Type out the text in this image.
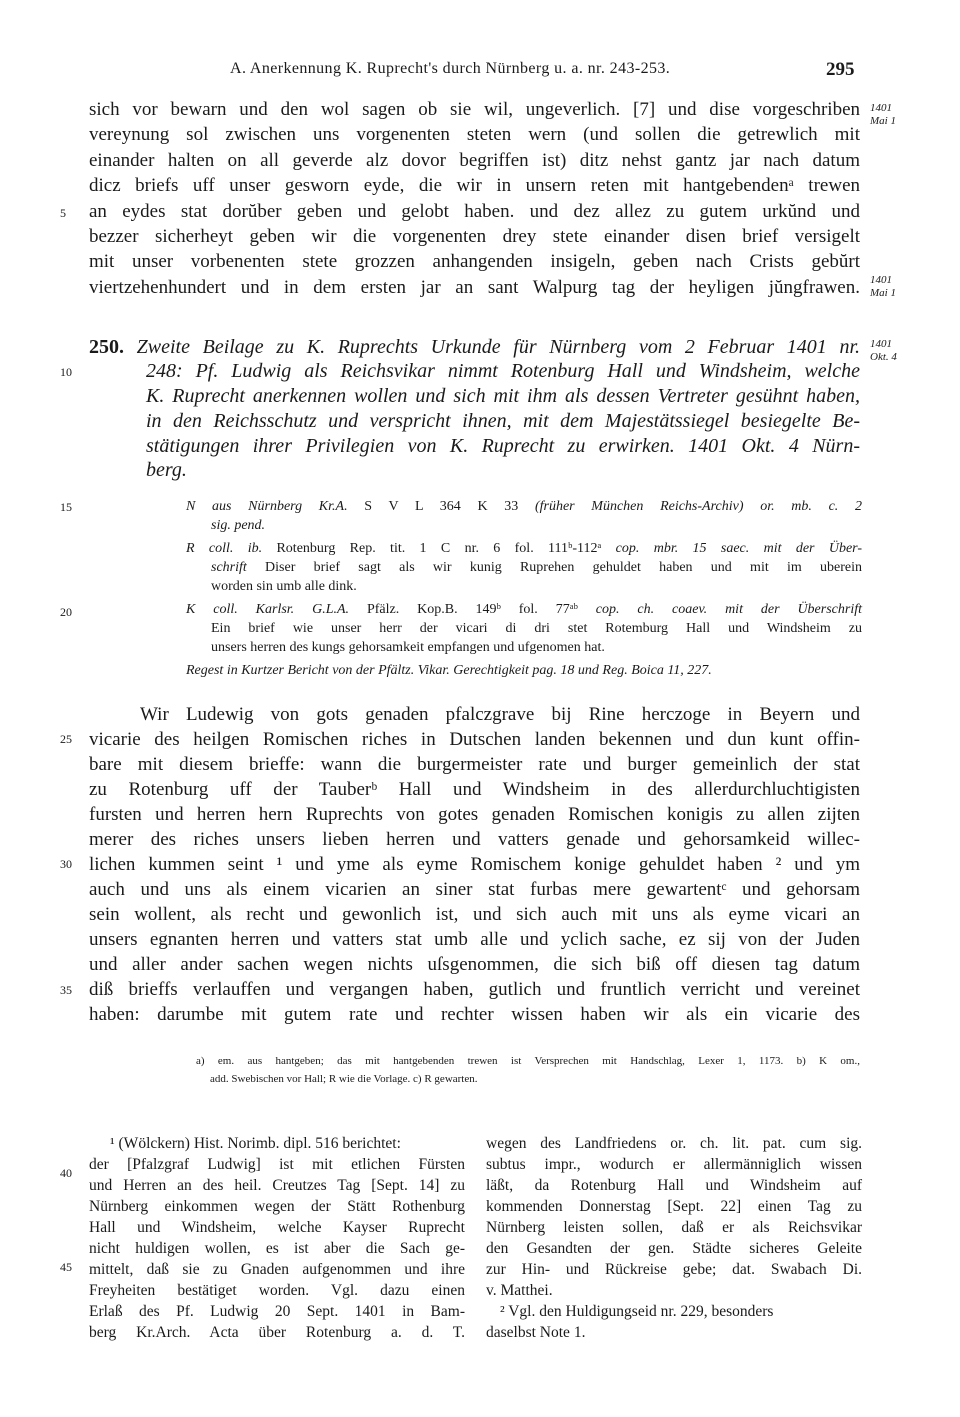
A. Anerkennung K. Ruprecht's durch Nürnberg u. a. nr. 243-253.	295
sich vor bewarn und den wol sagen ob sie wil, ungeverlich. [7] und dise vorgeschriben
vereynung sol zwischen uns vorgenenten steten wern (und sollen die getrewlich mit
einander halten on all geverde alz dovor begriffen ist) ditz nehst gantz jar nach datum
dicz briefs uff unser gesworn eyde, die wir in unsern reten mit hantgebendenᵃ trewen
an eydes stat dorŭber geben und gelobt haben. und dez allez zu gutem urkŭnd und
bezzer sicherheyt geben wir die vorgenenten drey stete einander disen brief versigelt
mit unser vorbenenten stete grozzen anhangenden insigeln, geben nach Crists gebŭrt
viertzehenhundert und in dem ersten jar an sant Walpurg tag der heyligen jŭngfrawen.
5
1401
Mai 1
1401
Mai 1
250. Zweite Beilage zu K. Ruprechts Urkunde für Nürnberg vom 2 Februar 1401 nr.
248: Pf. Ludwig als Reichsvikar nimmt Rotenburg Hall und Windsheim, welche
K. Ruprecht anerkennen wollen und sich mit ihm als dessen Vertreter gesühnt haben,
in den Reichsschutz und verspricht ihnen, mit dem Majestätssiegel besiegelte Be-
stätigungen ihrer Privilegien von K. Ruprecht zu erwirken. 1401 Okt. 4 Nürn-
berg.
1401
Okt. 4
10
15
20
25
30
35
40
45
N aus Nürnberg Kr.A. S V L 364 K 33 (früher München Reichs-Archiv) or. mb. c. 2
sig. pend.
R coll. ib. Rotenburg Rep. tit. 1 C nr. 6 fol. 111ᵇ-112ᵃ cop. mbr. 15 saec. mit der Über-
schrift Diser brief sagt als wir kunig Ruprehen gehuldet haben und mit im uberein
worden sin umb alle dink.
K coll. Karlsr. G.L.A. Pfälz. Kop.B. 149ᵇ fol. 77ᵃᵇ cop. ch. coaev. mit der Überschrift
Ein brief wie unser herr der vicari di dri stet Rotemburg Hall und Windsheim zu
unsers herren des kungs gehorsamkeit empfangen und ufgenomen hat.
Regest in Kurtzer Bericht von der Pfältz. Vikar. Gerechtigkeit pag. 18 und Reg. Boica 11, 227.
Wir Ludewig von gots genaden pfalczgrave bij Rine herczoge in Beyern und
vicarie des heilgen Romischen riches in Dutschen landen bekennen und dun kunt offin-
bare mit diesem brieffe: wann die burgermeister rate und burger gemeinlich der stat
zu Rotenburg uff der Tauberᵇ Hall und Windsheim in des allerdurchluchtigisten
fursten und herren hern Ruprechts von gotes genaden Romischen konigis zu allen zijten
merer des riches unsers lieben herren und vatters genade und gehorsamkeid willec-
lichen kummen seint ¹ und yme als eyme Romischem konige gehuldet haben ² und ym
auch und uns als einem vicarien an siner stat furbas mere gewartentᶜ und gehorsam
sein wollent, als recht und gewonlich ist, und sich auch mit uns als eyme vicari an
unsers egnanten herren und vatters stat umb alle und yclich sache, ez sij von der Juden
und aller ander sachen wegen nichts uſsgenommen, die sich biß off diesen tag datum
diß brieffs verlauffen und vergangen haben, gutlich und fruntlich verricht und vereinet
haben: darumbe mit gutem rate und rechter wissen haben wir als ein vicarie des
a) em. aus hantgeben; das mit hantgebenden trewen ist Versprechen mit Handschlag, Lexer 1, 1173. b) K om.,
add. Swebischen vor Hall; R wie die Vorlage. c) R gewarten.
¹ (Wölckern) Hist. Norimb. dipl. 516 berichtet:
der [Pfalzgraf Ludwig] ist mit etlichen Fürsten
und Herren an des heil. Creutzes Tag [Sept. 14] zu
Nürnberg einkommen wegen der Stätt Rothenburg
Hall und Windsheim, welche Kayser Ruprecht
nicht huldigen wollen, es ist aber die Sach ge-
mittelt, daß sie zu Gnaden aufgenommen und ihre
Freyheiten bestätiget worden. Vgl. dazu einen
Erlaß des Pf. Ludwig 20 Sept. 1401 in Bam-
berg Kr.Arch. Acta über Rotenburg a. d. T.
wegen des Landfriedens or. ch. lit. pat. cum sig.
subtus impr., wodurch er allermänniglich wissen
läßt, da Rotenburg Hall und Windsheim auf
kommenden Donnerstag [Sept. 22] einen Tag zu
Nürnberg leisten sollen, daß er als Reichsvikar
den Gesandten der gen. Städte sicheres Geleite
zur Hin- und Rückreise gebe; dat. Swabach Di.
v. Matthei.
² Vgl. den Huldigungseid nr. 229, besonders
daselbst Note 1.
